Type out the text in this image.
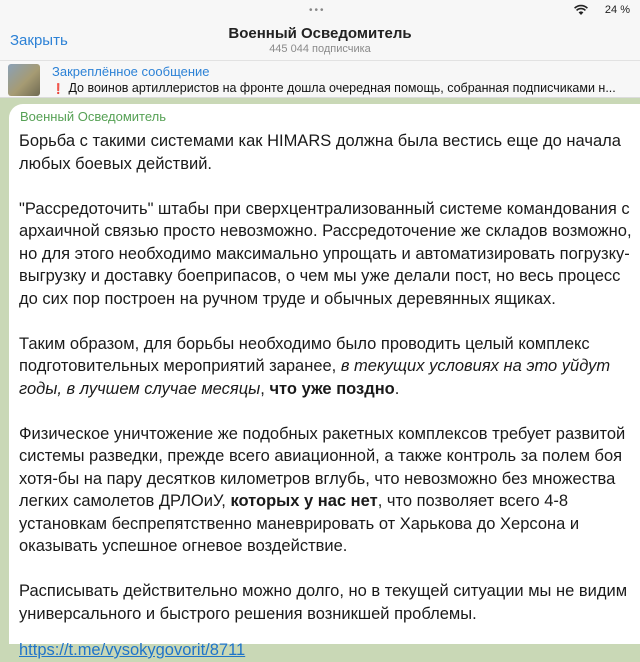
•••	24 %
Закрыть	Военный Осведомитель
445 044 подписчика
Закреплённое сообщение
❗ До воинов артиллеристов на фронте дошла очередная помощь, собранная подписчиками н...
Военный Осведомитель
Борьба с такими системами как HIMARS должна была вестись еще до начала любых боевых действий.
"Рассредоточить" штабы при сверхцентрализованный системе командования с архаичной связью просто невозможно. Рассредоточение же складов возможно, но для этого необходимо максимально упрощать и автоматизировать погрузку-выгрузку и доставку боеприпасов, о чем мы уже делали пост, но весь процесс до сих пор построен на ручном труде и обычных деревянных ящиках.
Таким образом, для борьбы необходимо было проводить целый комплекс подготовительных мероприятий заранее, в текущих условиях на это уйдут годы, в лучшем случае месяцы, что уже поздно.
Физическое уничтожение же подобных ракетных комплексов требует развитой системы разведки, прежде всего авиационной, а также контроль за полем боя хотя-бы на пару десятков километров вглубь, что невозможно без множества легких самолетов ДРЛОиУ, которых у нас нет, что позволяет всего 4-8 установкам беспрепятственно маневрировать от Харькова до Херсона и оказывать успешное огневое воздействие.
Расписывать действительно можно долго, но в текущей ситуации мы не видим универсального и быстрого решения возникшей проблемы.
https://t.me/vysokygovorit/8711
